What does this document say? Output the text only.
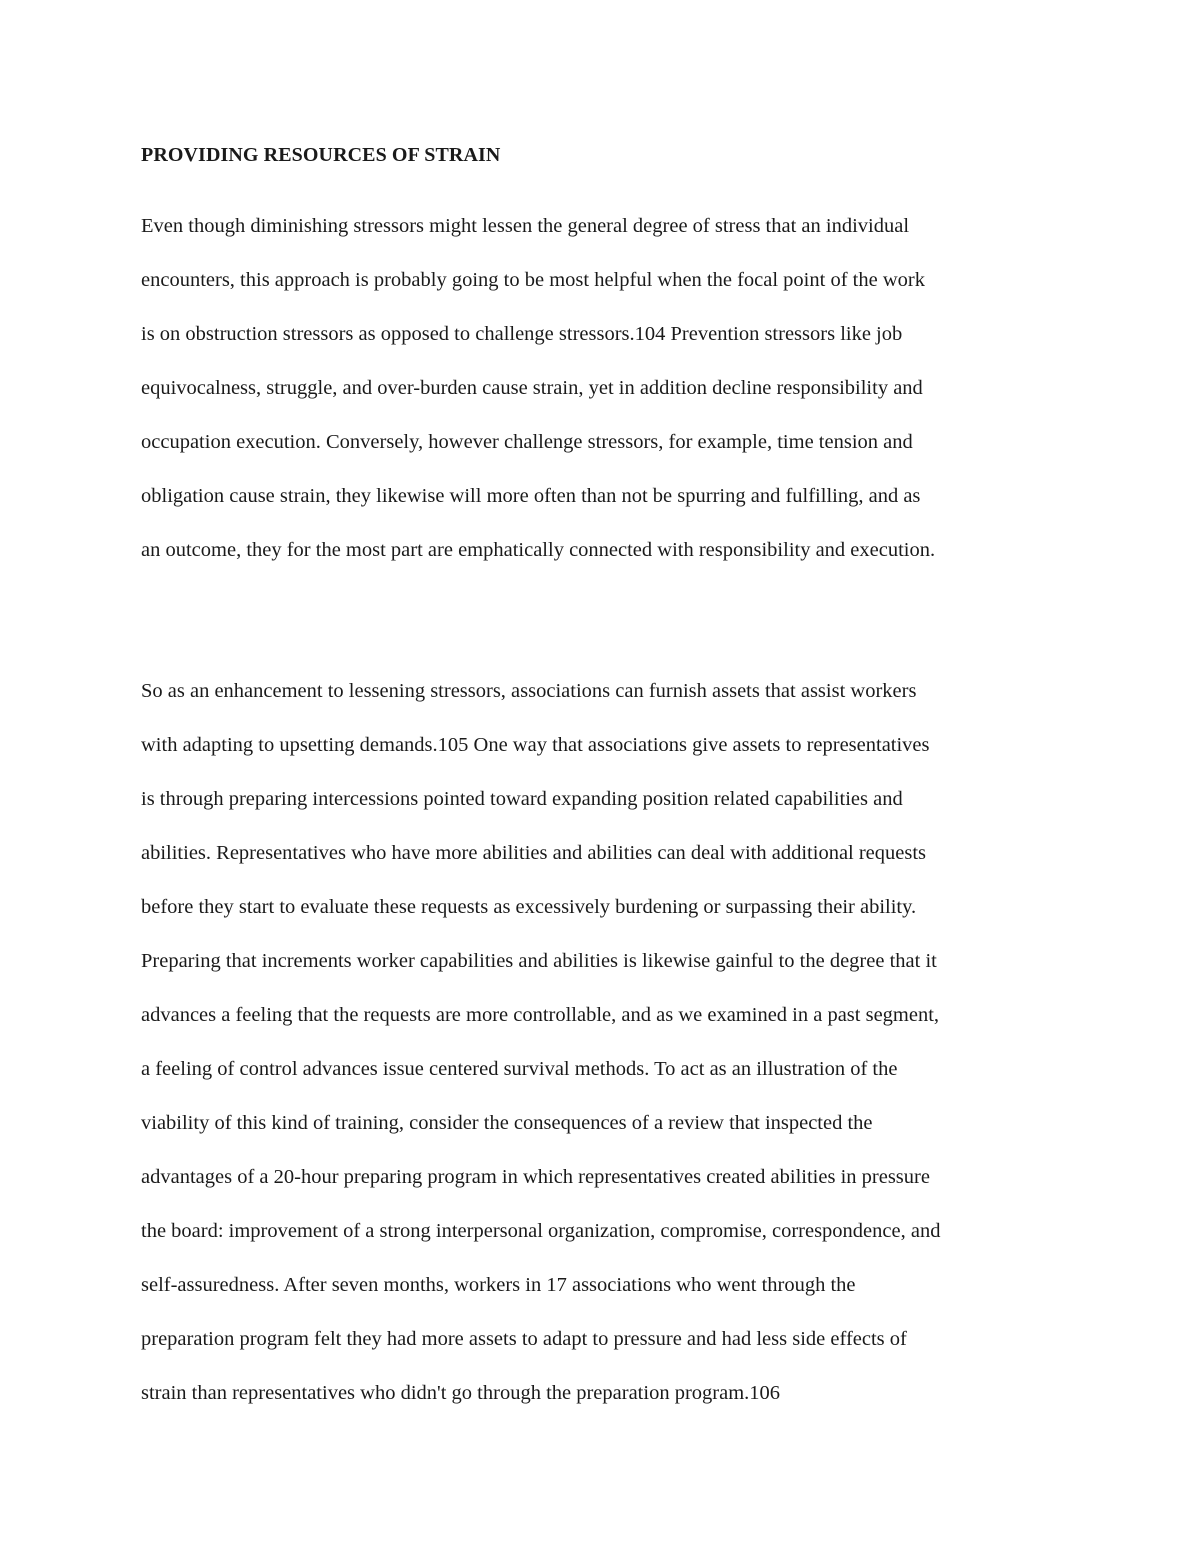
PROVIDING RESOURCES OF STRAIN
Even though diminishing stressors might lessen the general degree of stress that an individual
encounters, this approach is probably going to be most helpful when the focal point of the work
is on obstruction stressors as opposed to challenge stressors.104 Prevention stressors like job
equivocalness, struggle, and over-burden cause strain, yet in addition decline responsibility and
occupation execution. Conversely, however challenge stressors, for example, time tension and
obligation cause strain, they likewise will more often than not be spurring and fulfilling, and as
an outcome, they for the most part are emphatically connected with responsibility and execution.
So as an enhancement to lessening stressors, associations can furnish assets that assist workers
with adapting to upsetting demands.105 One way that associations give assets to representatives
is through preparing intercessions pointed toward expanding position related capabilities and
abilities. Representatives who have more abilities and abilities can deal with additional requests
before they start to evaluate these requests as excessively burdening or surpassing their ability.
Preparing that increments worker capabilities and abilities is likewise gainful to the degree that it
advances a feeling that the requests are more controllable, and as we examined in a past segment,
a feeling of control advances issue centered survival methods. To act as an illustration of the
viability of this kind of training, consider the consequences of a review that inspected the
advantages of a 20-hour preparing program in which representatives created abilities in pressure
the board: improvement of a strong interpersonal organization, compromise, correspondence, and
self-assuredness. After seven months, workers in 17 associations who went through the
preparation program felt they had more assets to adapt to pressure and had less side effects of
strain than representatives who didn't go through the preparation program.106
